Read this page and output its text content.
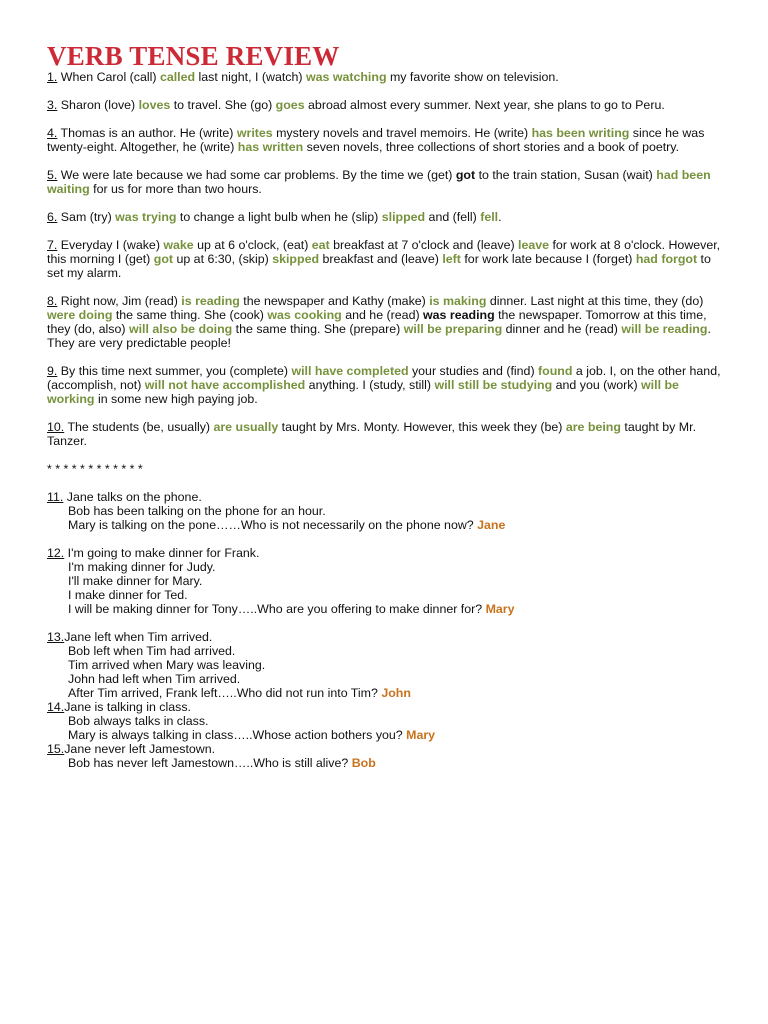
VERB TENSE REVIEW

1. When Carol (call) called last night, I (watch) was watching my favorite show on television.

3. Sharon (love) loves to travel. She (go) goes abroad almost every summer. Next year, she plans to go to Peru.

4. Thomas is an author. He (write) writes mystery novels and travel memoirs. He (write) has been writing since he was twenty-eight. Altogether, he (write) has written seven novels, three collections of short stories and a book of poetry.

5. We were late because we had some car problems. By the time we (get) got to the train station, Susan (wait) had been waiting for us for more than two hours.

6. Sam (try) was trying to change a light bulb when he (slip) slipped and (fell) fell.

7. Everyday I (wake) wake up at 6 o'clock, (eat) eat breakfast at 7 o'clock and (leave) leave for work at 8 o'clock. However, this morning I (get) got up at 6:30, (skip) skipped breakfast and (leave) left for work late because I (forget) had forgot to set my alarm.

8. Right now, Jim (read) is reading the newspaper and Kathy (make) is making dinner. Last night at this time, they (do) were doing the same thing. She (cook) was cooking and he (read) was reading the newspaper. Tomorrow at this time, they (do, also) will also be doing the same thing. She (prepare) will be preparing dinner and he (read) will be reading. They are very predictable people!

9. By this time next summer, you (complete) will have completed your studies and (find) found a job. I, on the other hand, (accomplish, not) will not have accomplished anything. I (study, still) will still be studying and you (work) will be working in some new high paying job.

10. The students (be, usually) are usually taught by Mrs. Monty. However, this week they (be) are being taught by Mr. Tanzer.

* * * * * * * * * * * *

11. Jane talks on the phone.

Bob has been talking on the phone for an hour.

Mary is talking on the pone……Who is not necessarily on the phone now? Jane

12. I'm going to make dinner for Frank.

I'm making dinner for Judy.

I'll make dinner for Mary.

I make dinner for Ted.

I will be making dinner for Tony…..Who are you offering to make dinner for? Mary

13.Jane left when Tim arrived.

Bob left when Tim had arrived.

Tim arrived when Mary was leaving.

John had left when Tim arrived.

After Tim arrived, Frank left…..Who did not run into Tim? John

14.Jane is talking in class.

Bob always talks in class.

Mary is always talking in class…..Whose action bothers you? Mary

15.Jane never left Jamestown.

Bob has never left Jamestown…..Who is still alive? Bob
